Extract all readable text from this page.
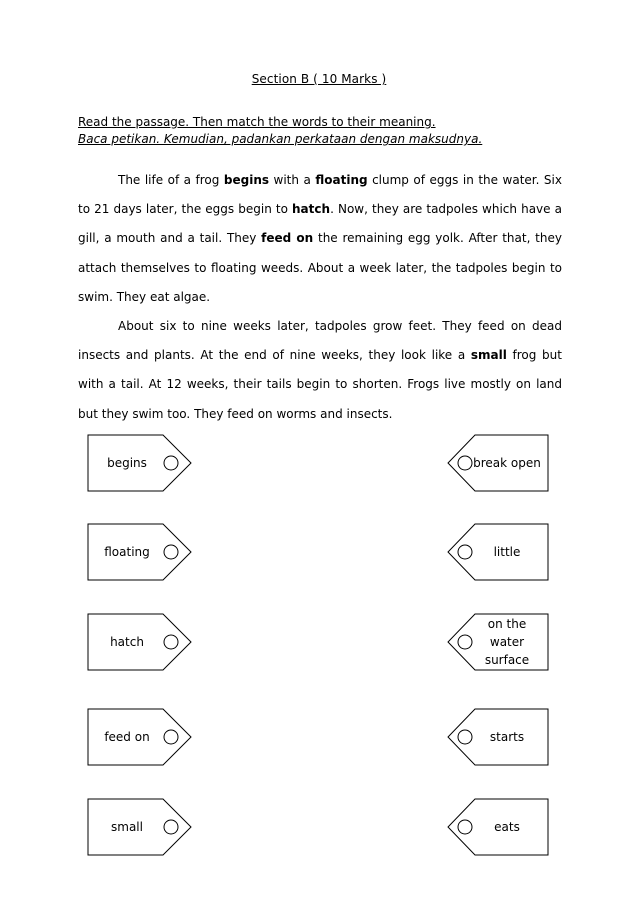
Section B ( 10 Marks )
Read the passage. Then match the words to their meaning.
Baca petikan. Kemudian, padankan perkataan dengan maksudnya.

The life of a frog begins with a floating clump of eggs in the water. Six to 21 days later, the eggs begin to hatch. Now, they are tadpoles which have a gill, a mouth and a tail. They feed on the remaining egg yolk. After that, they attach themselves to floating weeds. About a week later, the tadpoles begin to swim. They eat algae.

About six to nine weeks later, tadpoles grow feet. They feed on dead insects and plants. At the end of nine weeks, they look like a small frog but with a tail. At 12 weeks, their tails begin to shorten. Frogs live mostly on land but they swim too. They feed on worms and insects.

begins
floating
hatch
feed on
small
break open
little
on the
water
surface
starts
eats
